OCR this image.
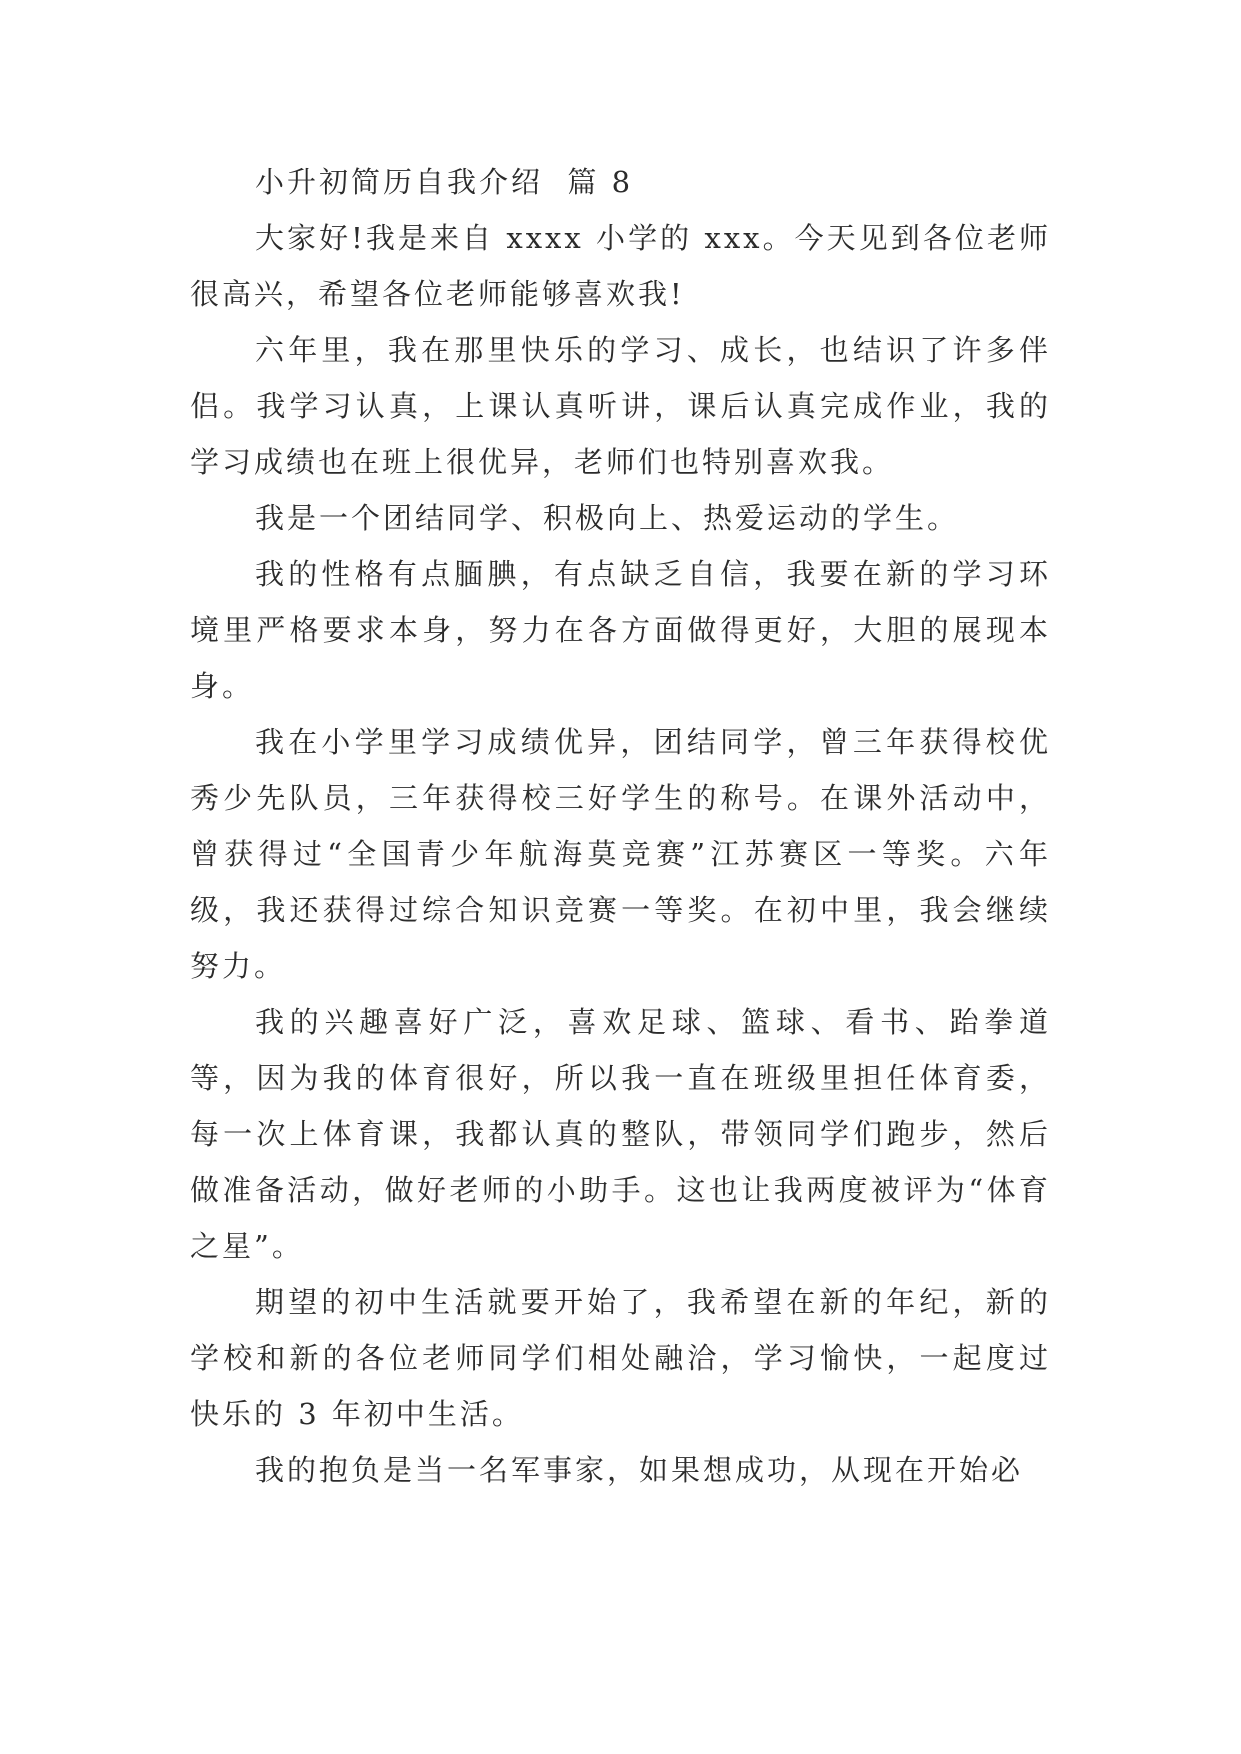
小升初简历自我介绍  篇 8

大家好!我是来自 xxxx 小学的 xxx。今天见到各位老师很高兴，希望各位老师能够喜欢我!

六年里，我在那里快乐的学习、成长，也结识了许多伴侣。我学习认真，上课认真听讲，课后认真完成作业，我的学习成绩也在班上很优异，老师们也特别喜欢我。

我是一个团结同学、积极向上、热爱运动的学生。

我的性格有点腼腆，有点缺乏自信，我要在新的学习环境里严格要求本身，努力在各方面做得更好，大胆的展现本身。

我在小学里学习成绩优异，团结同学，曾三年获得校优秀少先队员，三年获得校三好学生的称号。在课外活动中，曾获得过“全国青少年航海莫竞赛”江苏赛区一等奖。六年级，我还获得过综合知识竞赛一等奖。在初中里，我会继续努力。

我的兴趣喜好广泛，喜欢足球、篮球、看书、跆拳道等，因为我的体育很好，所以我一直在班级里担任体育委，每一次上体育课，我都认真的整队，带领同学们跑步，然后做准备活动，做好老师的小助手。这也让我两度被评为“体育之星”。

期望的初中生活就要开始了，我希望在新的年纪，新的学校和新的各位老师同学们相处融洽，学习愉快，一起度过快乐的 3 年初中生活。

我的抱负是当一名军事家，如果想成功，从现在开始必
